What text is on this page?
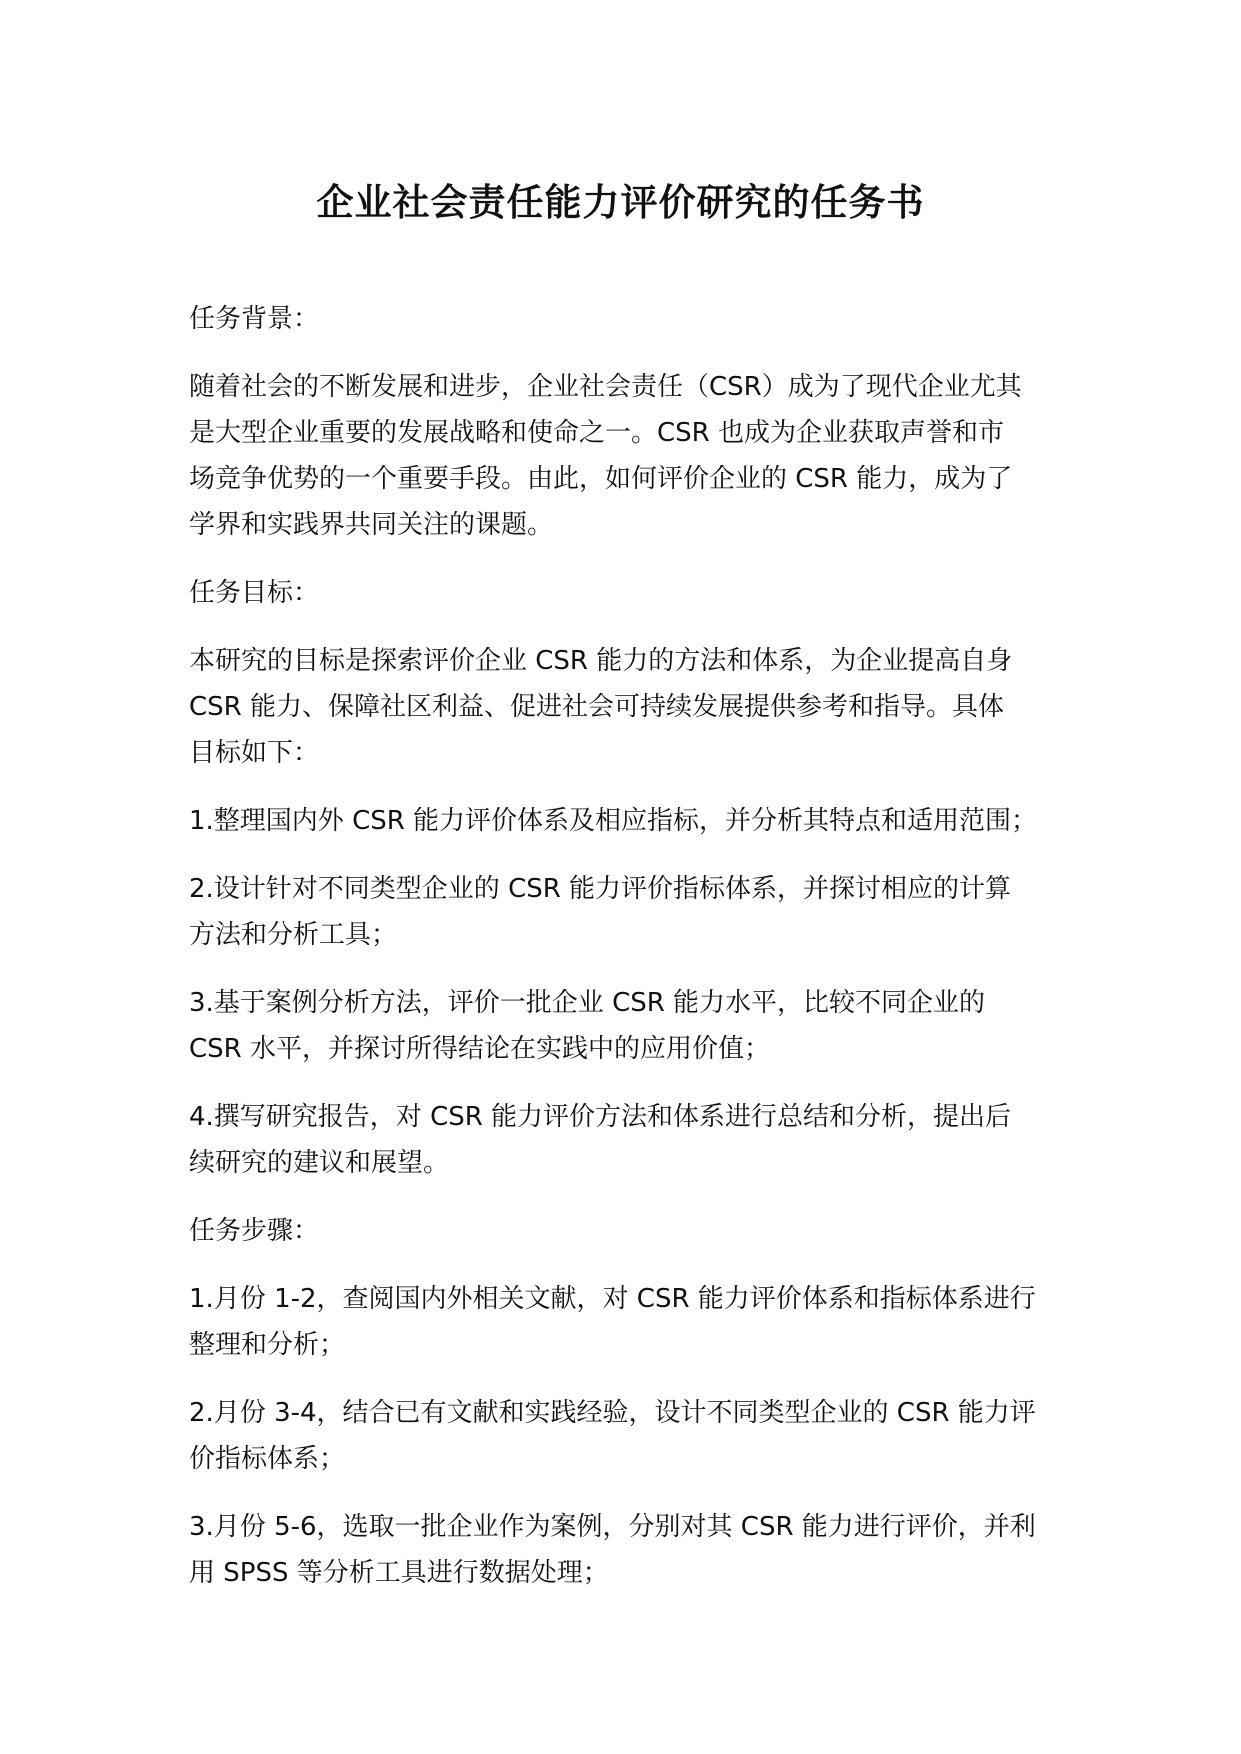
企业社会责任能力评价研究的任务书
任务背景：
随着社会的不断发展和进步，企业社会责任（CSR）成为了现代企业尤其
是大型企业重要的发展战略和使命之一。CSR 也成为企业获取声誉和市
场竞争优势的一个重要手段。由此，如何评价企业的 CSR 能力，成为了
学界和实践界共同关注的课题。
任务目标：
本研究的目标是探索评价企业 CSR 能力的方法和体系，为企业提高自身
CSR 能力、保障社区利益、促进社会可持续发展提供参考和指导。具体
目标如下：
1.整理国内外 CSR 能力评价体系及相应指标，并分析其特点和适用范围；
2.设计针对不同类型企业的 CSR 能力评价指标体系，并探讨相应的计算
方法和分析工具；
3.基于案例分析方法，评价一批企业 CSR 能力水平，比较不同企业的
CSR 水平，并探讨所得结论在实践中的应用价值；
4.撰写研究报告，对 CSR 能力评价方法和体系进行总结和分析，提出后
续研究的建议和展望。
任务步骤：
1.月份 1-2，查阅国内外相关文献，对 CSR 能力评价体系和指标体系进行
整理和分析；
2.月份 3-4，结合已有文献和实践经验，设计不同类型企业的 CSR 能力评
价指标体系；
3.月份 5-6，选取一批企业作为案例，分别对其 CSR 能力进行评价，并利
用 SPSS 等分析工具进行数据处理；
